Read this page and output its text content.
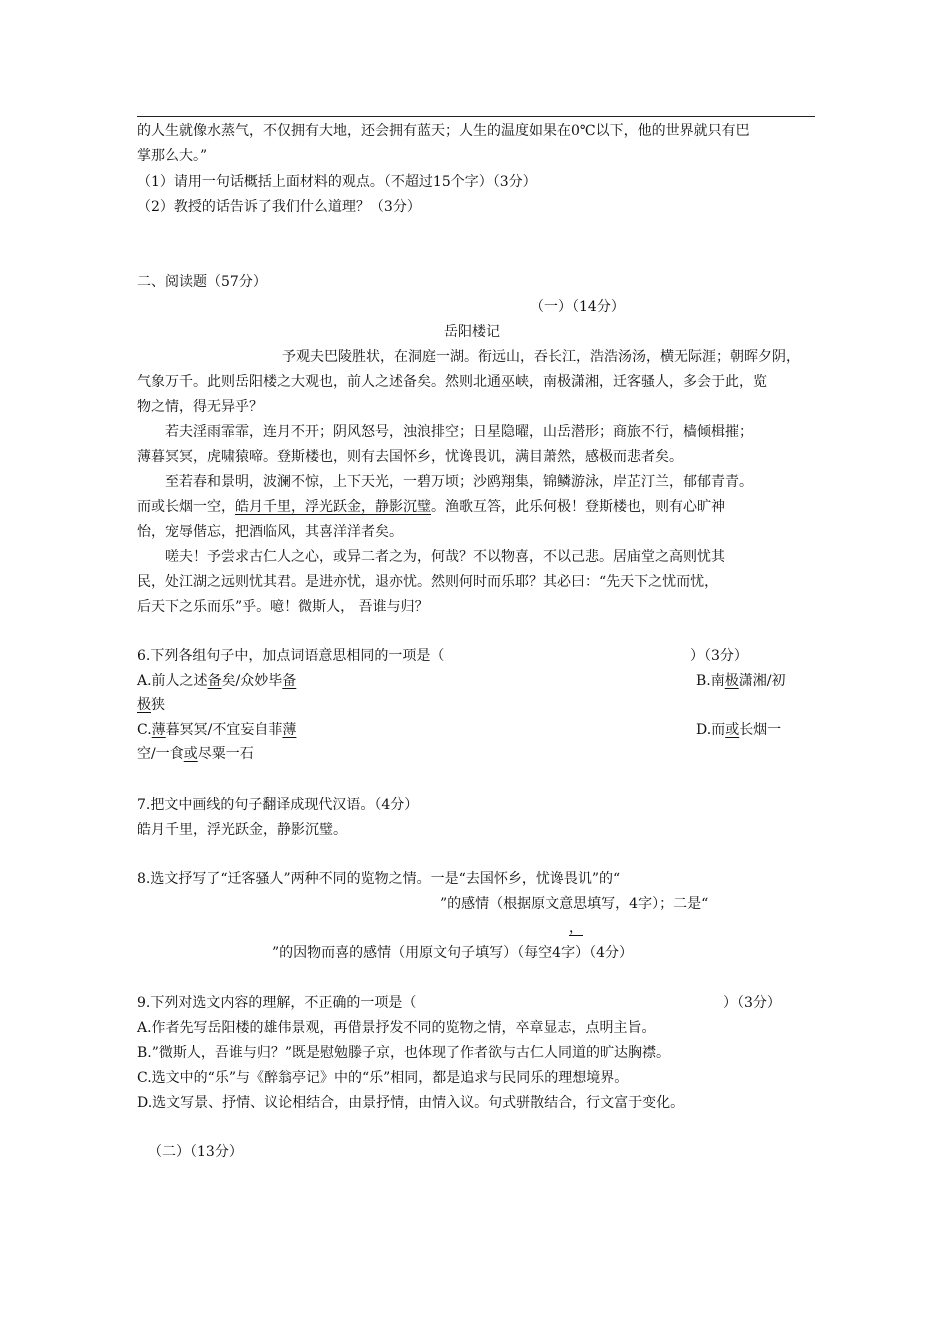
的人生就像水蒸气，不仅拥有大地，还会拥有蓝天；人生的温度如果在0℃以下，他的世界就只有巴
掌那么大。”
（1）请用一句话概括上面材料的观点。（不超过15个字）（3分）
（2）教授的话告诉了我们什么道理？（3分）
二、阅读题（57分）
（一）（14分）
岳阳楼记
予观夫巴陵胜状，在洞庭一湖。衔远山，吞长江，浩浩汤汤，横无际涯；朝晖夕阴，
气象万千。此则岳阳楼之大观也，前人之述备矣。然则北通巫峡，南极潇湘，迁客骚人，多会于此，览
物之情，得无异乎？
若夫淫雨霏霏，连月不开；阴风怒号，浊浪排空；日星隐曜，山岳潜形；商旅不行，樯倾楫摧；
薄暮冥冥，虎啸猿啼。登斯楼也，则有去国怀乡，忧谗畏讥，满目萧然，感极而悲者矣。
至若春和景明，波澜不惊，上下天光，一碧万顷；沙鸥翔集，锦鳞游泳，岸芷汀兰，郁郁青青。
而或长烟一空，皓月千里，浮光跃金，静影沉璧。渔歌互答，此乐何极！登斯楼也，则有心旷神
怡，宠辱偕忘，把酒临风，其喜洋洋者矣。
嗟夫！予尝求古仁人之心，或异二者之为，何哉？不以物喜，不以己悲。居庙堂之高则忧其
民，处江湖之远则忧其君。是进亦忧，退亦忧。然则何时而乐耶？其必曰：“先天下之忧而忧，
后天下之乐而乐”乎。噫！微斯人， 吾谁与归？
6.下列各组句子中，加点词语意思相同的一项是（	）（3分）
A.前人之述备矣/众妙毕备	B.南极潇湘/初
极狭
C.薄暮冥冥/不宜妄自菲薄	D.而或长烟一
空/一食或尽粟一石
7.把文中画线的句子翻译成现代汉语。（4分）
皓月千里，浮光跃金，静影沉璧。
8.选文抒写了“迁客骚人”两种不同的览物之情。一是“去国怀乡，忧谗畏讥”的“
”的感情（根据原文意思填写，4字）；二是“
，
”的因物而喜的感情（用原文句子填写）（每空4字）（4分）
9.下列对选文内容的理解，不正确的一项是（	）（3分）
A.作者先写岳阳楼的雄伟景观，再借景抒发不同的览物之情，卒章显志，点明主旨。
B.”微斯人，吾谁与归？”既是慰勉滕子京，也体现了作者欲与古仁人同道的旷达胸襟。
C.选文中的“乐”与《醉翁亭记》中的“乐”相同，都是追求与民同乐的理想境界。
D.选文写景、抒情、议论相结合，由景抒情，由情入议。句式骈散结合，行文富于变化。
（二）（13分）
